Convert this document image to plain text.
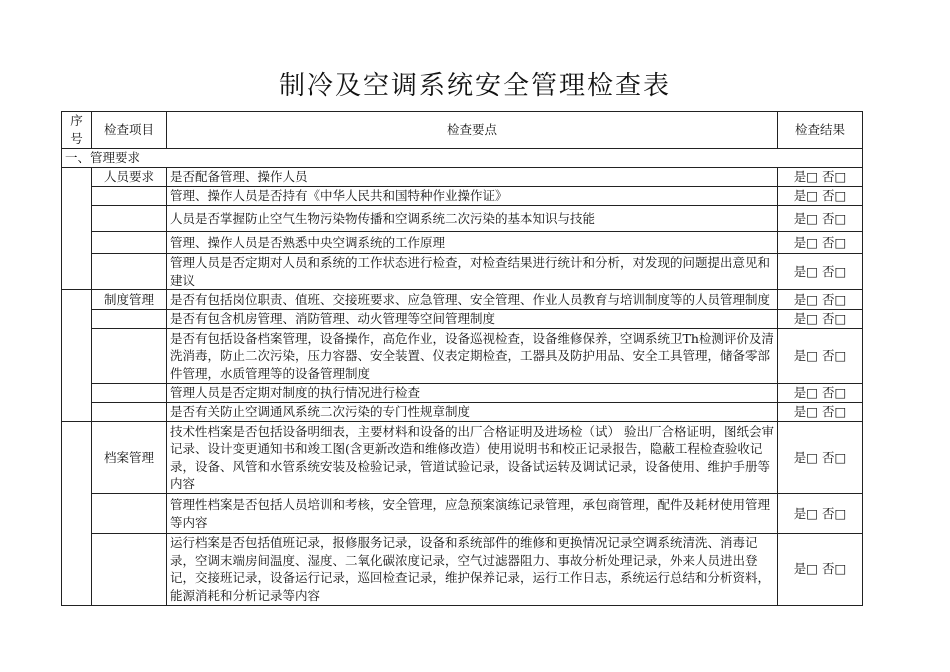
制冷及空调系统安全管理检查表
序号	检查项目	检查要点	检查结果
一、管理要求			
	人员要求	是否配备管理、操作人员	是□ 否□
		管理、操作人员是否持有《中华人民共和国特种作业操作证》	是□ 否□
		人员是否掌握防止空气生物污染物传播和空调系统二次污染的基本知识与技能	是□ 否□
		管理、操作人员是否熟悉中央空调系统的工作原理	是□ 否□
		管理人员是否定期对人员和系统的工作状态进行检查，对检查结果进行统计和分析，对发现的问题提出意见和建议	是□ 否□
	制度管理	是否有包括岗位职责、值班、交接班要求、应急管理、安全管理、作业人员教育与培训制度等的人员管理制度	是□ 否□
		是否有包含机房管理、消防管理、动火管理等空间管理制度	是□ 否□
		是否有包括设备档案管理，设备操作，高危作业，设备巡视检查，设备维修保养，空调系统卫Th检测评价及清洗消毒，防止二次污染，压力容器、安全装置、仪表定期检查，工器具及防护用品、安全工具管理，储备零部件管理，水质管理等的设备管理制度	是□ 否□
		管理人员是否定期对制度的执行情况进行检查	是□ 否□
		是否有关防止空调通风系统二次污染的专门性规章制度	是□ 否□
	档案管理	技术性档案是否包括设备明细表，主要材料和设备的出厂合格证明及进场检（试） 验出厂合格证明，图纸会审记录、设计变更通知书和竣工图(含更新改造和维修改造）使用说明书和校正记录报告，隐蔽工程检查验收记录，设备、风管和水管系统安装及检验记录，管道试验记录，设备试运转及调试记录，设备使用、维护手册等内容	是□ 否□
		管理性档案是否包括人员培训和考核，安全管理，应急预案演练记录管理，承包商管理，配件及耗材使用管理等内容	是□ 否□
		运行档案是否包括值班记录，报修服务记录，设备和系统部件的维修和更换情况记录空调系统清洗、消毒记录，空调末端房间温度、湿度、二氧化碳浓度记录，空气过滤器阻力、事故分析处理记录，外来人员进出登记，交接班记录，设备运行记录，巡回检查记录，维护保养记录，运行工作日志，系统运行总结和分析资料，能源消耗和分析记录等内容	是□ 否□
